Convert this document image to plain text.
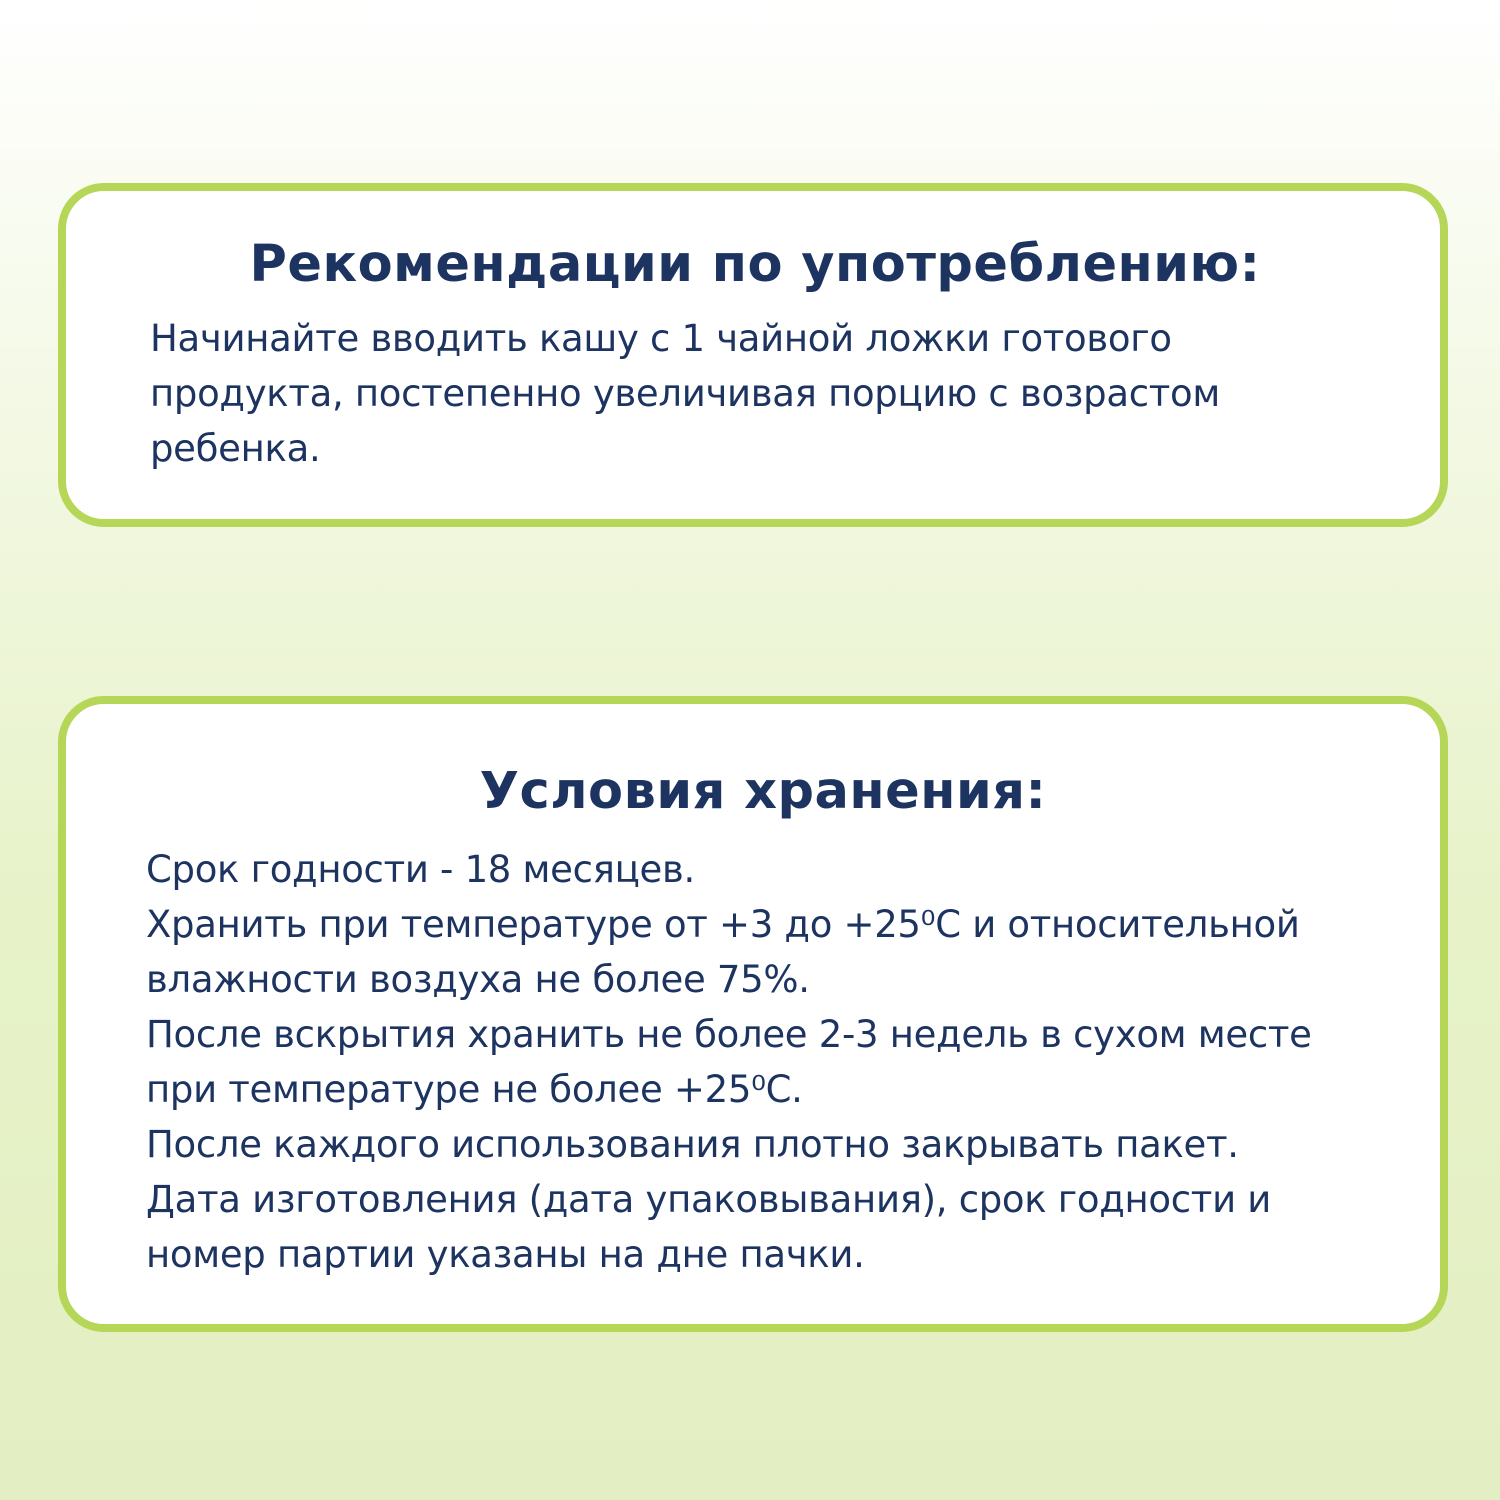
Рекомендации по употреблению:

Начинайте вводить кашу с 1 чайной ложки готового
продукта, постепенно увеличивая порцию с возрастом
ребенка.

Условия хранения:

Срок годности - 18 месяцев.
Хранить при температуре от +3 до +25⁰С и относительной
влажности воздуха не более 75%.
После вскрытия хранить не более 2-3 недель в сухом месте
при температуре не более +25⁰С.
После каждого использования плотно закрывать пакет.
Дата изготовления (дата упаковывания), срок годности и
номер партии указаны на дне пачки.
